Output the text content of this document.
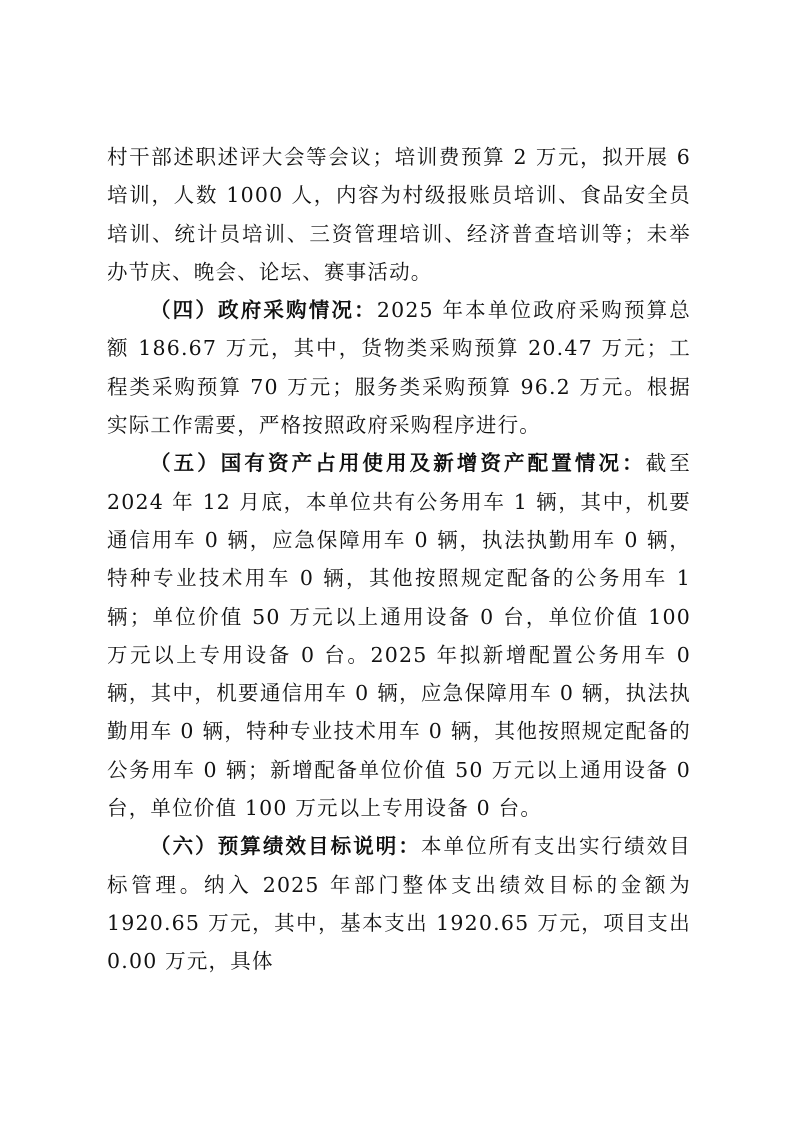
村干部述职述评大会等会议；培训费预算 2 万元，拟开展 6 培训，人数 1000 人，内容为村级报账员培训、食品安全员培训、统计员培训、三资管理培训、经济普查培训等；未举办节庆、晚会、论坛、赛事活动。

（四）政府采购情况：2025 年本单位政府采购预算总额 186.67 万元，其中，货物类采购预算 20.47 万元；工程类采购预算 70 万元；服务类采购预算 96.2 万元。根据实际工作需要，严格按照政府采购程序进行。

（五）国有资产占用使用及新增资产配置情况：截至 2024 年 12 月底，本单位共有公务用车 1 辆，其中，机要通信用车 0 辆，应急保障用车 0 辆，执法执勤用车 0 辆，特种专业技术用车 0 辆，其他按照规定配备的公务用车 1 辆；单位价值 50 万元以上通用设备 0 台，单位价值 100 万元以上专用设备 0 台。2025 年拟新增配置公务用车 0 辆，其中，机要通信用车 0 辆，应急保障用车 0 辆，执法执勤用车 0 辆，特种专业技术用车 0 辆，其他按照规定配备的公务用车 0 辆；新增配备单位价值 50 万元以上通用设备 0 台，单位价值 100 万元以上专用设备 0 台。

（六）预算绩效目标说明：本单位所有支出实行绩效目标管理。纳入 2025 年部门整体支出绩效目标的金额为 1920.65 万元，其中，基本支出 1920.65 万元，项目支出 0.00 万元，具体
